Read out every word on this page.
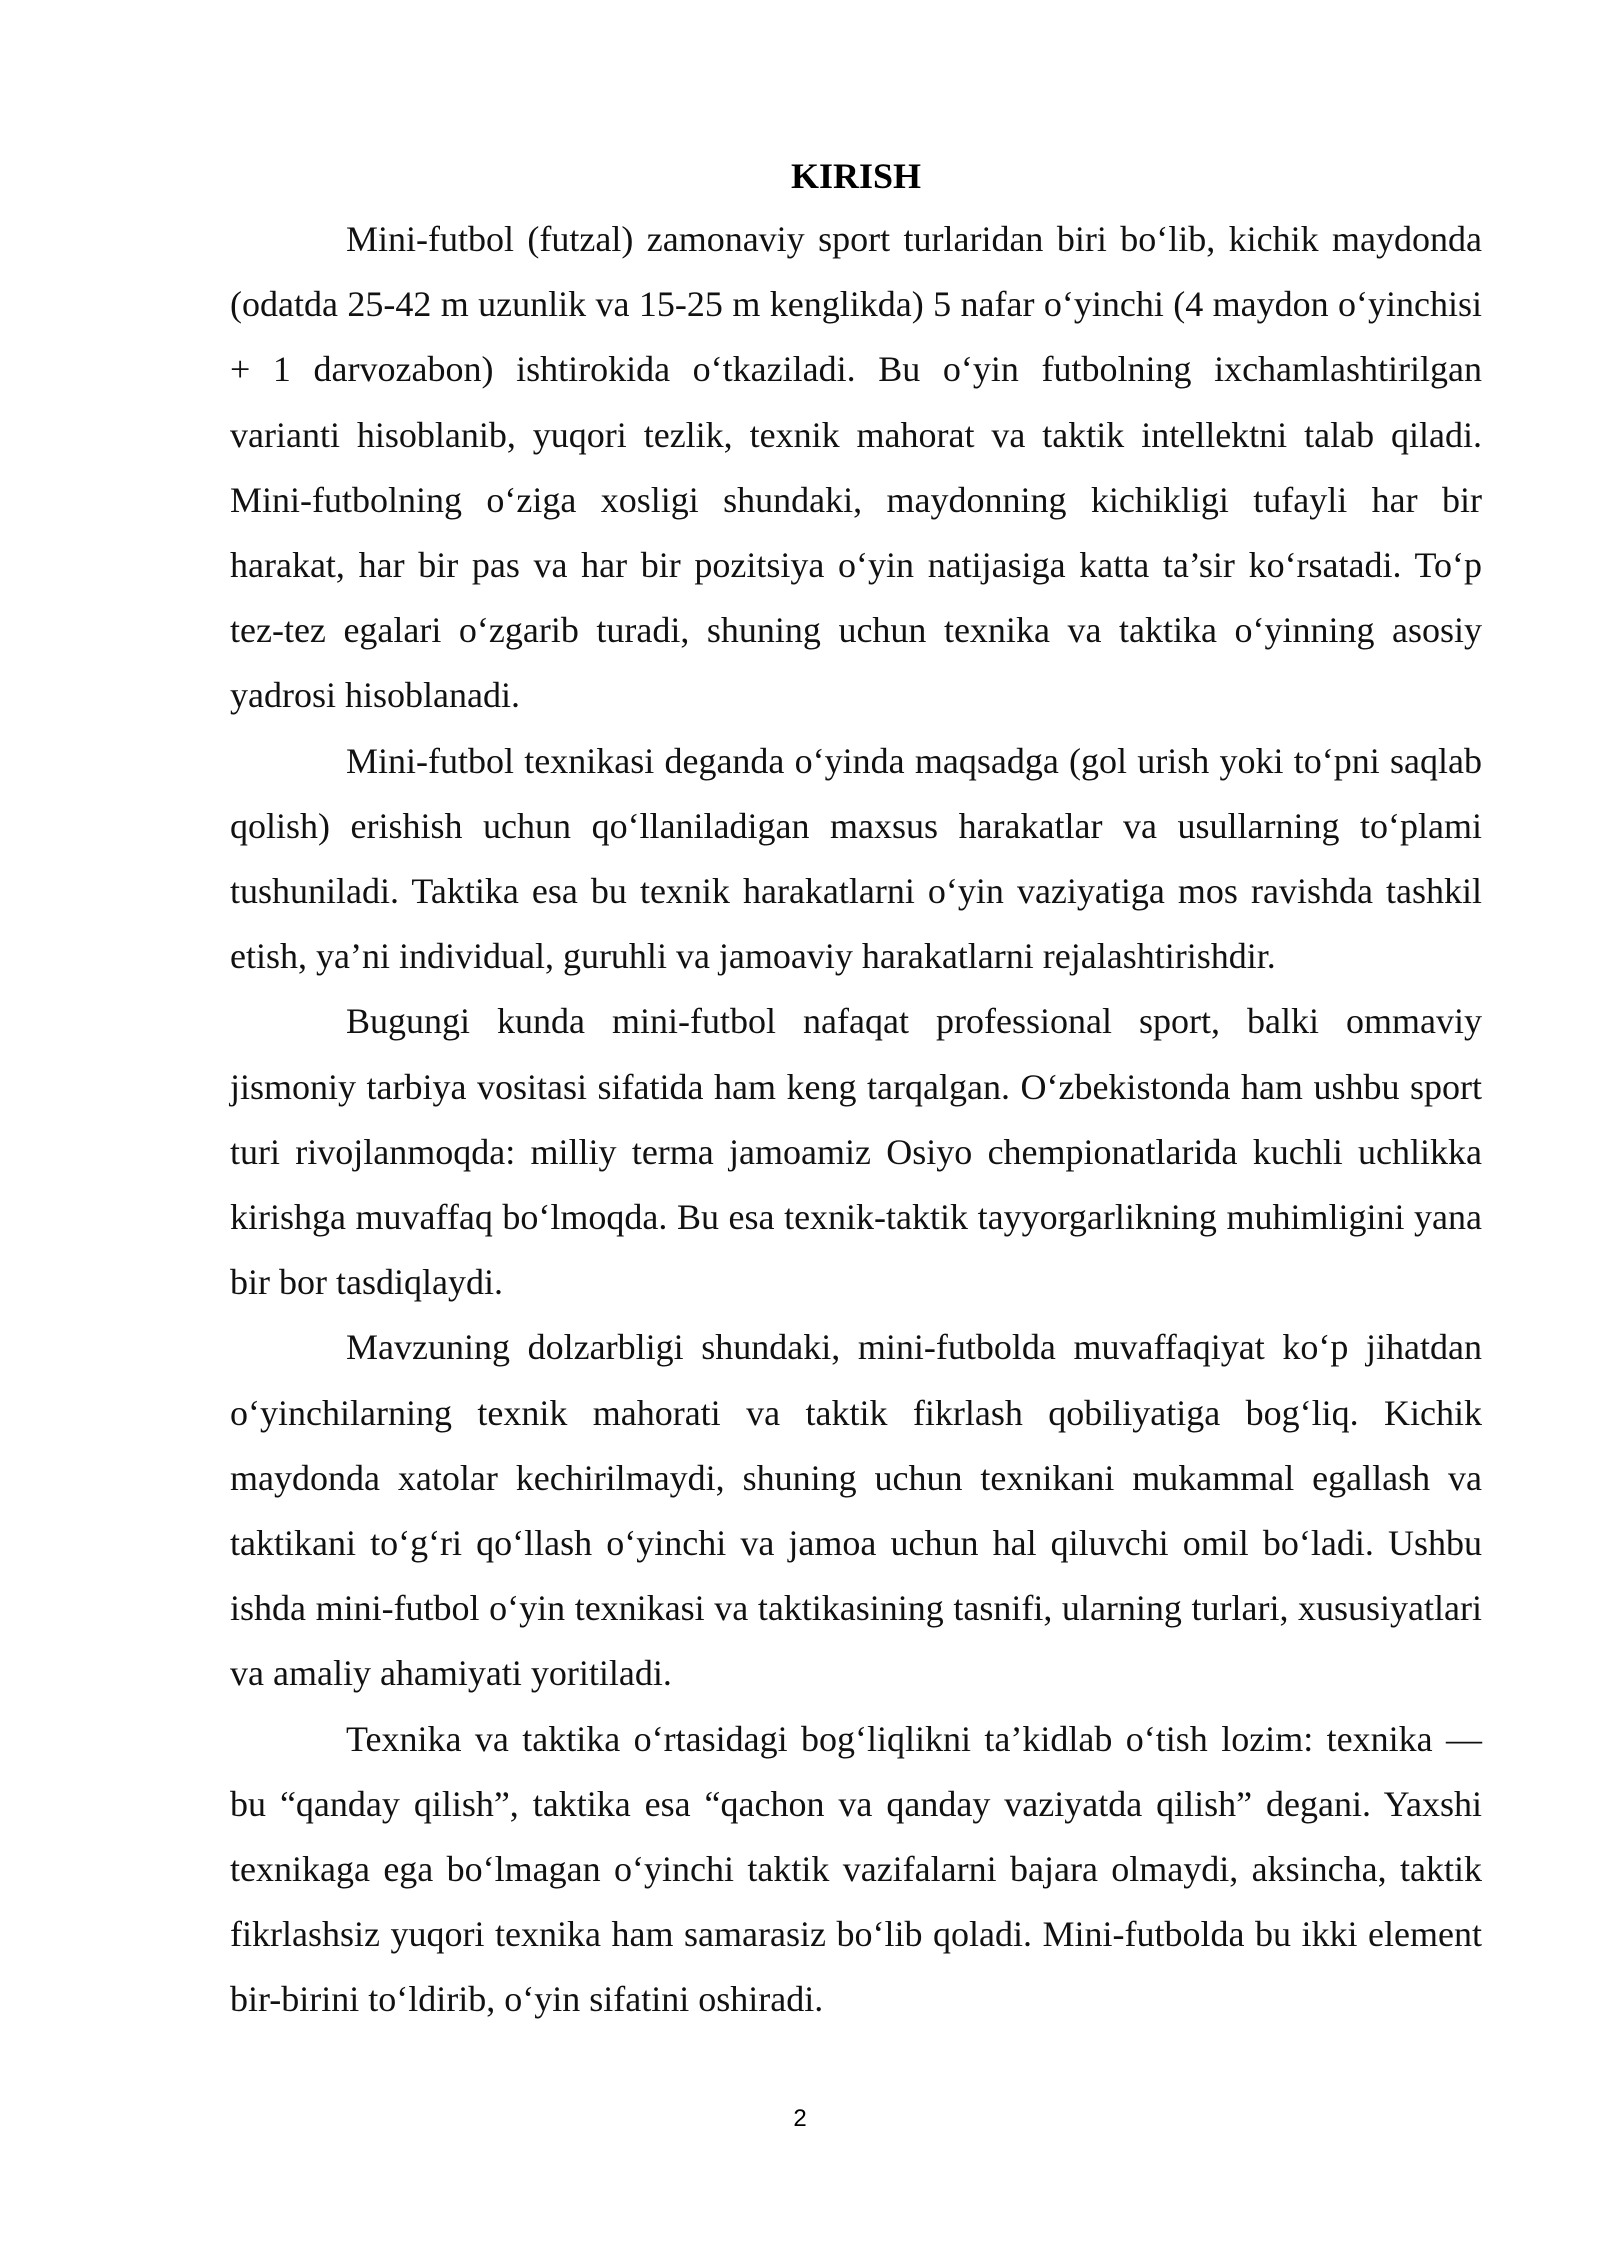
KIRISH

Mini-futbol (futzal) zamonaviy sport turlaridan biri bo‘lib, kichik maydonda (odatda 25-42 m uzunlik va 15-25 m kenglikda) 5 nafar o‘yinchi (4 maydon o‘yinchisi + 1 darvozabon) ishtirokida o‘tkaziladi. Bu o‘yin futbolning ixchamlashtirilgan varianti hisoblanib, yuqori tezlik, texnik mahorat va taktik intellektni talab qiladi. Mini-futbolning o‘ziga xosligi shundaki, maydonning kichikligi tufayli har bir harakat, har bir pas va har bir pozitsiya o‘yin natijasiga katta ta’sir ko‘rsatadi. To‘p tez-tez egalari o‘zgarib turadi, shuning uchun texnika va taktika o‘yinning asosiy yadrosi hisoblanadi.

Mini-futbol texnikasi deganda o‘yinda maqsadga (gol urish yoki to‘pni saqlab qolish) erishish uchun qo‘llaniladigan maxsus harakatlar va usullarning to‘plami tushuniladi. Taktika esa bu texnik harakatlarni o‘yin vaziyatiga mos ravishda tashkil etish, ya’ni individual, guruhli va jamoaviy harakatlarni rejalashtirishdir.

Bugungi kunda mini-futbol nafaqat professional sport, balki ommaviy jismoniy tarbiya vositasi sifatida ham keng tarqalgan. O‘zbekistonda ham ushbu sport turi rivojlanmoqda: milliy terma jamoamiz Osiyo chempionatlarida kuchli uchlikka kirishga muvaffaq bo‘lmoqda. Bu esa texnik-taktik tayyorgarlikning muhimligini yana bir bor tasdiqlaydi.

Mavzuning dolzarbligi shundaki, mini-futbolda muvaffaqiyat ko‘p jihatdan o‘yinchilarning texnik mahorati va taktik fikrlash qobiliyatiga bog‘liq. Kichik maydonda xatolar kechirilmaydi, shuning uchun texnikani mukammal egallash va taktikani to‘g‘ri qo‘llash o‘yinchi va jamoa uchun hal qiluvchi omil bo‘ladi. Ushbu ishda mini-futbol o‘yin texnikasi va taktikasining tasnifi, ularning turlari, xususiyatlari va amaliy ahamiyati yoritiladi.

Texnika va taktika o‘rtasidagi bog‘liqlikni ta’kidlab o‘tish lozim: texnika — bu “qanday qilish”, taktika esa “qachon va qanday vaziyatda qilish” degani. Yaxshi texnikaga ega bo‘lmagan o‘yinchi taktik vazifalarni bajara olmaydi, aksincha, taktik fikrlashsiz yuqori texnika ham samarasiz bo‘lib qoladi. Mini-futbolda bu ikki element bir-birini to‘ldirib, o‘yin sifatini oshiradi.

2
